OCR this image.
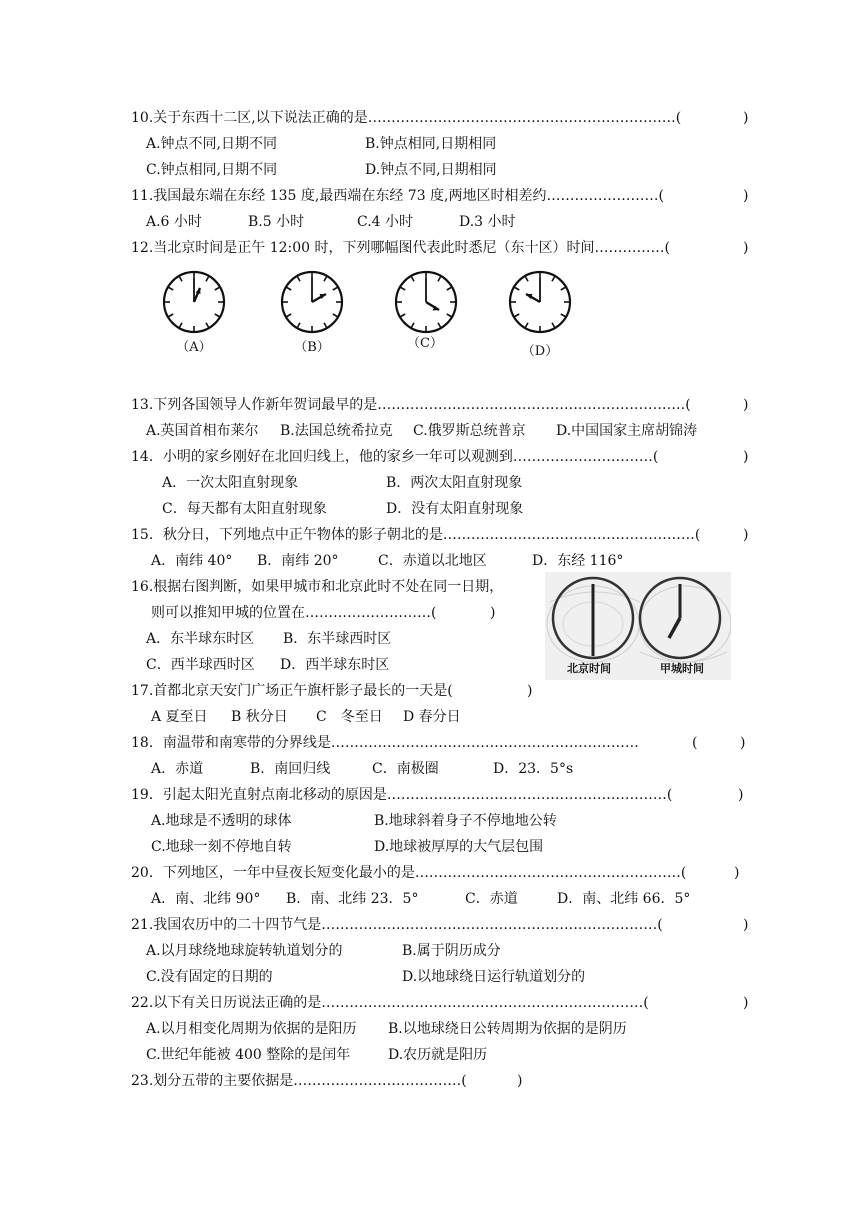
10.关于东西十二区,以下说法正确的是…………………………………………………………(	)
A.钟点不同,日期不同	B.钟点相同,日期相同
C.钟点相同,日期不同	D.钟点不同,日期相同
11.我国最东端在东经 135 度,最西端在东经 73 度,两地区时相差约……………………(	)
A.6 小时	B.5 小时	C.4 小时	D.3 小时
12.当北京时间是正午 12:00 时，下列哪幅图代表此时悉尼（东十区）时间……………(	)
（A）	（B）	（C）
（D）
13.下列各国领导人作新年贺词最早的是…………………………………………………………(	)
A.英国首相布莱尔 B.法国总统希拉克 C.俄罗斯总统普京 D.中国国家主席胡锦涛
14．小明的家乡刚好在北回归线上，他的家乡一年可以观测到…………………………(	)
A．一次太阳直射现象	B．两次太阳直射现象
C．每天都有太阳直射现象	D．没有太阳直射现象
15．秋分日，下列地点中正午物体的影子朝北的是………………………………………………(	)
A．南纬 40° B．南纬 20°	C．赤道以北地区	D．东经 116°
16.根据右图判断，如果甲城市和北京此时不处在同一日期，
则可以推知甲城的位置在………………………(	)
A．东半球东时区 B．东半球西时区
C．西半球西时区 D．西半球东时区	北京时间	甲城时间
17.首都北京天安门广场正午旗杆影子最长的一天是(	)
A 夏至日 B 秋分日 C　冬至日 D 春分日
18．南温带和南寒带的分界线是…………………………………………………………	(	)
A．赤道	B．南回归线	C．南极圈	D．23．5°s
19．引起太阳光直射点南北移动的原因是……………………………………………………(	)
A.地球是不透明的球体	B.地球斜着身子不停地地公转
C.地球一刻不停地自转	D.地球被厚厚的大气层包围
20．下列地区，一年中昼夜长短变化最小的是…………………………………………………(	)
A．南、北纬 90° B．南、北纬 23．5°	C．赤道	D．南、北纬 66．5°
21.我国农历中的二十四节气是………………………………………………………………(	)
A.以月球绕地球旋转轨道划分的	B.属于阴历成分
C.没有固定的日期的	D.以地球绕日运行轨道划分的
22.以下有关日历说法正确的是……………………………………………………………(	)
A.以月相变化周期为依据的是阳历 B.以地球绕日公转周期为依据的是阴历
C.世纪年能被 400 整除的是闰年	D.农历就是阳历
23.划分五带的主要依据是………………………………(	)
